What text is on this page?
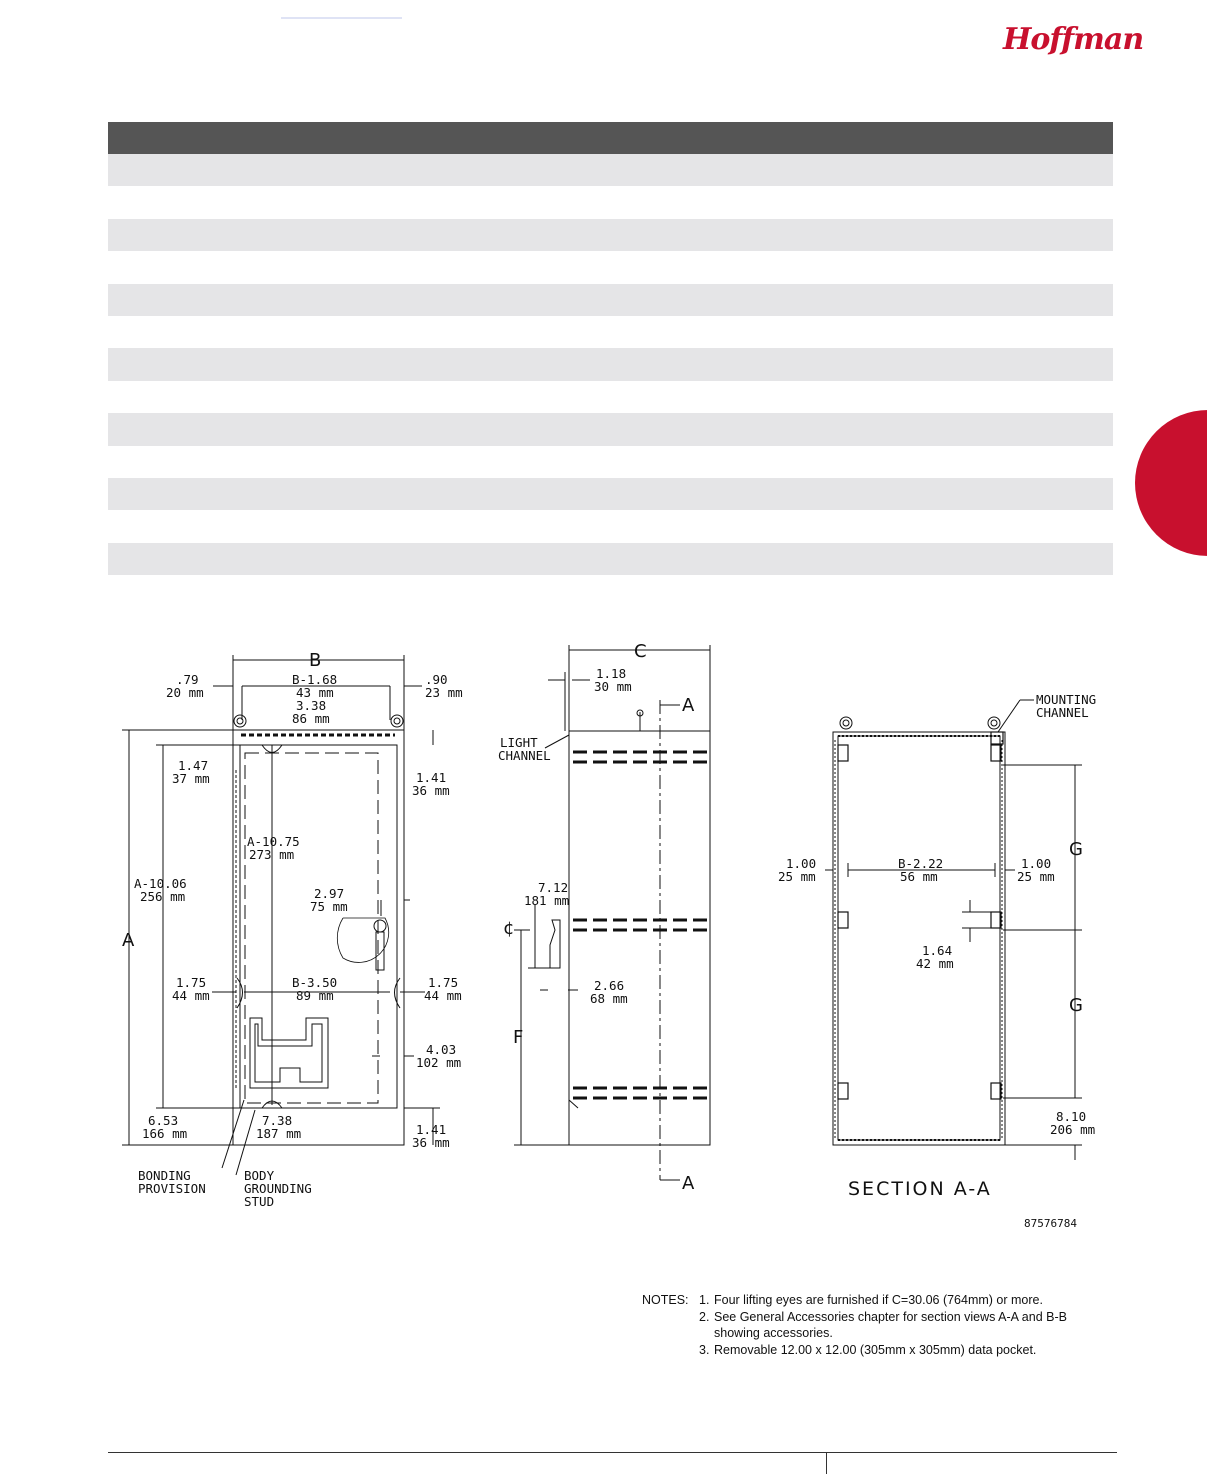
Hoffman
B
B-1.68
43 mm
3.38
86 mm
.79
20 mm
.90
23 mm
1.47
37 mm
A-10.06
256 mm
A
1.75
44 mm
6.53
166 mm
A-10.75
273 mm
2.97
75 mm
B-3.50
89 mm
7.38
187 mm
1.41
36 mm
1.75
44 mm
4.03
102 mm
1.41
36 mm
BONDING
PROVISION
BODY
GROUNDING
STUD
C
1.18
30 mm
A
LIGHT
CHANNEL
7.12
181 mm
¢
2.66
68 mm
F
A
MOUNTING
CHANNEL
G
1.00
25 mm
B-2.22
56 mm
1.00
25 mm
1.64
42 mm
G
8.10
206 mm
SECTION A-A
87576784
NOTES: 1. Four lifting eyes are furnished if C=30.06 (764mm) or more.
2. See General Accessories chapter for section views A-A and B-B showing accessories.
3. Removable 12.00 x 12.00 (305mm x 305mm) data pocket.
